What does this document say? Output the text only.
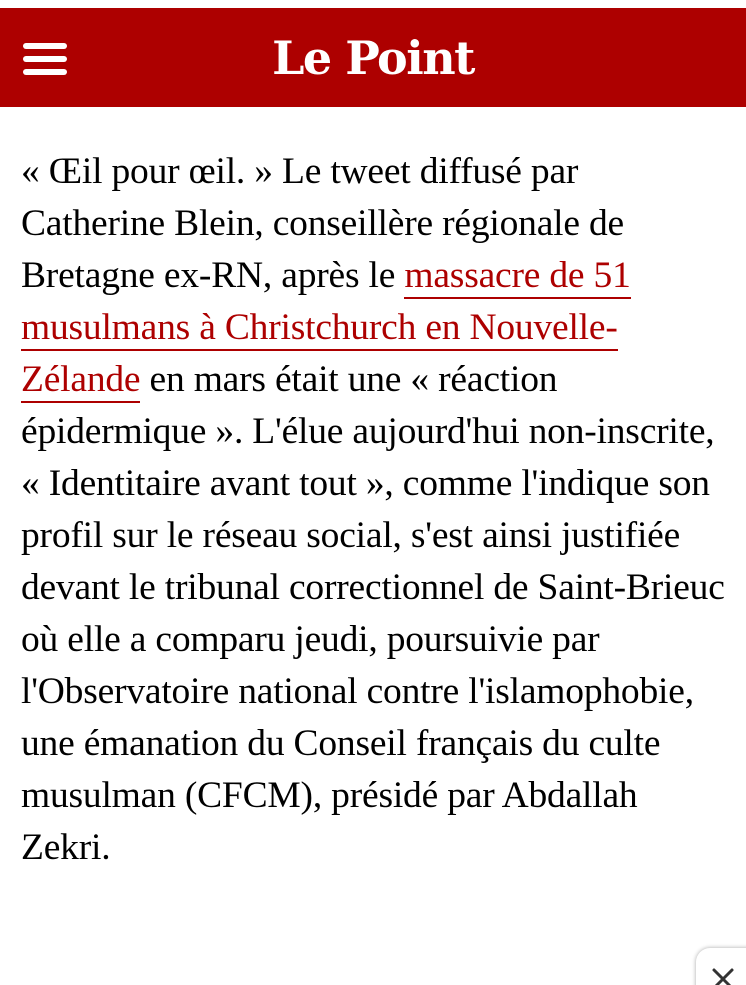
Le Point

« Œil pour œil. » Le tweet diffusé par Catherine Blein, conseillère régionale de Bretagne ex-RN, après le massacre de 51 musulmans à Christchurch en Nouvelle-Zélande en mars était une « réaction épidermique ». L'élue aujourd'hui non-inscrite, « Identitaire avant tout », comme l'indique son profil sur le réseau social, s'est ainsi justifiée devant le tribunal correctionnel de Saint-Brieuc où elle a comparu jeudi, poursuivie par l'Observatoire national contre l'islamophobie, une émanation du Conseil français du culte musulman (CFCM), présidé par Abdallah Zekri.
